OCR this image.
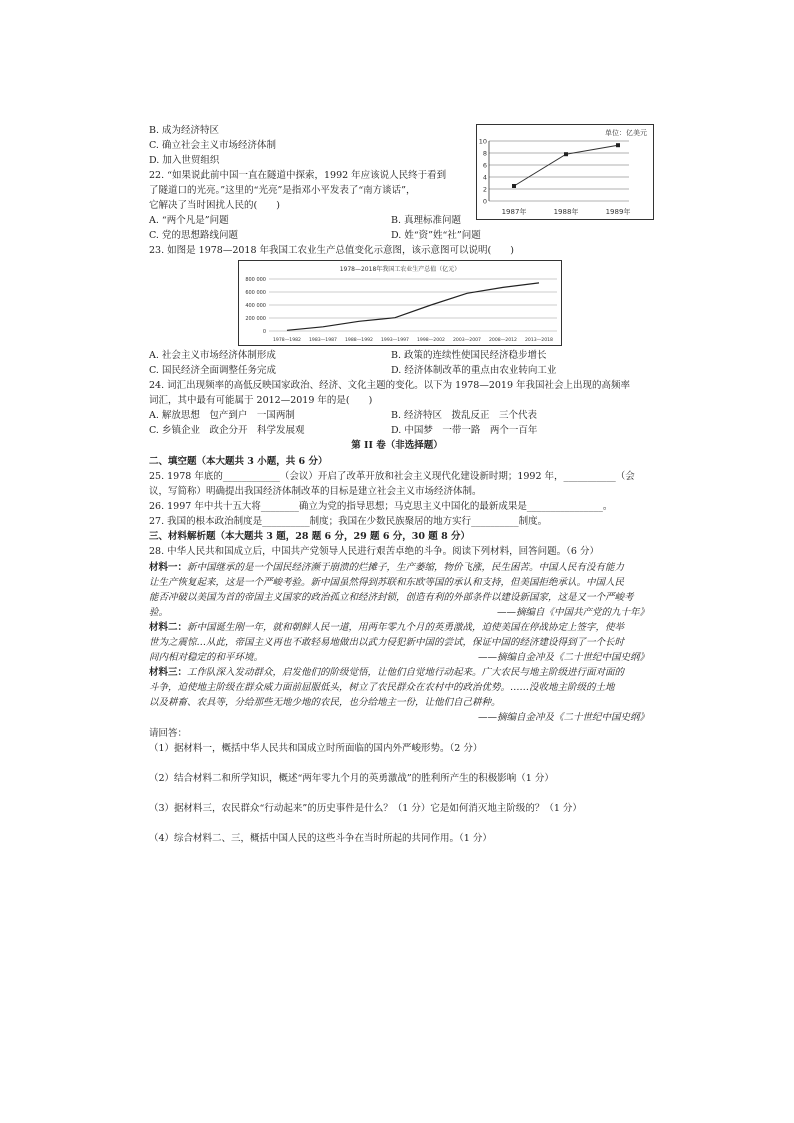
B. 成为经济特区
C. 确立社会主义市场经济体制
D. 加入世贸组织
单位：亿美元
0
2
4
6
8
10
1987年	1988年	1989年
22. “如果说此前中国一直在隧道中探索，1992 年应该说人民终于看到
了隧道口的光亮。”这里的“光亮”是指邓小平发表了“南方谈话”，
它解决了当时困扰人民的(　　)
A. “两个凡是”问题	B. 真理标准问题
C. 党的思想路线问题	D. 姓“资”姓“社”问题
23. 如图是 1978—2018 年我国工农业生产总值变化示意图，该示意图可以说明(　　)
1978—2018年我国工农业生产总值（亿元）
0
200 000
400 000
600 000
800 000
1978—1982 1983—1987 1988—1992 1993—1997 1998—2002 2003—2007 2008—2012 2013—2018
A. 社会主义市场经济体制形成	B. 政策的连续性使国民经济稳步增长
C. 国民经济全面调整任务完成	D. 经济体制改革的重点由农业转向工业
24. 词汇出现频率的高低反映国家政治、经济、文化主题的变化。以下为 1978—2019 年我国社会上出现的高频率
词汇，其中最有可能属于 2012—2019 年的是(　　)
A. 解放思想　包产到户　一国两制	B. 经济特区　拨乱反正　三个代表
C. 乡镇企业　政企分开　科学发展观	D. 中国梦　一带一路　两个一百年
第 II 卷（非选择题）
二、填空题（本大题共 3 小题，共 6 分）
25. 1978 年底的____________（会议）开启了改革开放和社会主义现代化建设新时期；1992 年，___________（会
议，写简称）明确提出我国经济体制改革的目标是建立社会主义市场经济体制。
26. 1997 年中共十五大将________确立为党的指导思想；马克思主义中国化的最新成果是________________。
27. 我国的根本政治制度是__________制度；我国在少数民族聚居的地方实行__________制度。
三、材料解析题（本大题共 3 题，28 题 6 分，29 题 6 分，30 题 8 分）
28. 中华人民共和国成立后，中国共产党领导人民进行艰苦卓绝的斗争。阅读下列材料，回答问题。（6 分）
材料一：新中国继承的是一个国民经济濒于崩溃的烂摊子，生产萎缩，物价飞涨，民生困苦。中国人民有没有能力
让生产恢复起来，这是一个严峻考验。新中国虽然得到苏联和东欧等国的承认和支持，但美国拒绝承认。中国人民
能否冲破以美国为首的帝国主义国家的政治孤立和经济封锁，创造有利的外部条件以建设新国家，这是又一个严峻考
验。	——摘编自《中国共产党的九十年》
材料二：新中国诞生刚一年，就和朝鲜人民一道，用两年零九个月的英勇激战，迫使美国在停战协定上签字，使举
世为之震惊…从此，帝国主义再也不敢轻易地做出以武力侵犯新中国的尝试，保证中国的经济建设得到了一个长时
间内相对稳定的和平环境。	——摘编自金冲及《二十世纪中国史纲》
材料三：工作队深入发动群众，启发他们的阶级觉悟，让他们自觉地行动起来。广大农民与地主阶级进行面对面的
斗争，迫使地主阶级在群众威力面前屈服低头，树立了农民群众在农村中的政治优势。……没收地主阶级的土地
以及耕畜、农具等，分给那些无地少地的农民，也分给地主一份，让他们自己耕种。
——摘编自金冲及《二十世纪中国史纲》
请回答：
（1）据材料一，概括中华人民共和国成立时所面临的国内外严峻形势。（2 分）
（2）结合材料二和所学知识，概述“两年零九个月的英勇激战”的胜利所产生的积极影响（1 分）
（3）据材料三，农民群众“行动起来”的历史事件是什么？（1 分）它是如何消灭地主阶级的？（1 分）
（4）综合材料二、三，概括中国人民的这些斗争在当时所起的共同作用。（1 分）
